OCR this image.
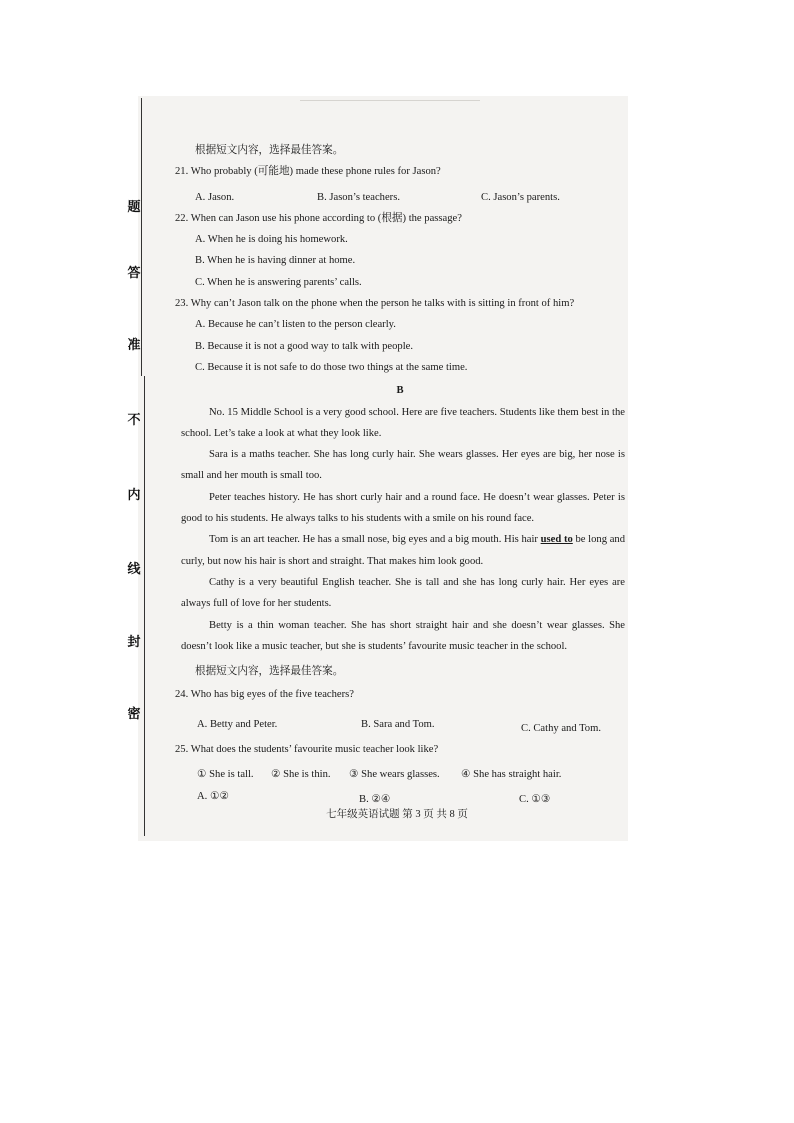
题
答
准
不
内
线
封
密
根据短文内容，选择最佳答案。
21. Who probably (可能地) made these phone rules for Jason?
A. Jason.	B. Jason’s teachers.	C. Jason’s parents.
22. When can Jason use his phone according to (根据) the passage?
A. When he is doing his homework.
B. When he is having dinner at home.
C. When he is answering parents’ calls.
23. Why can’t Jason talk on the phone when the person he talks with is sitting in front of him?
A. Because he can’t listen to the person clearly.
B. Because it is not a good way to talk with people.
C. Because it is not safe to do those two things at the same time.
B
No. 15 Middle School is a very good school. Here are five teachers. Students like them best in the school. Let’s take a look at what they look like.
Sara is a maths teacher. She has long curly hair. She wears glasses. Her eyes are big, her nose is small and her mouth is small too.
Peter teaches history. He has short curly hair and a round face. He doesn’t wear glasses. Peter is good to his students. He always talks to his students with a smile on his round face.
Tom is an art teacher. He has a small nose, big eyes and a big mouth. His hair used to be long and curly, but now his hair is short and straight. That makes him look good.
Cathy is a very beautiful English teacher. She is tall and she has long curly hair. Her eyes are always full of love for her students.
Betty is a thin woman teacher. She has short straight hair and she doesn’t wear glasses. She doesn’t look like a music teacher, but she is students’ favourite music teacher in the school.
根据短文内容，选择最佳答案。
24. Who has big eyes of the five teachers?
A. Betty and Peter.	B. Sara and Tom.	C. Cathy and Tom.
25. What does the students’ favourite music teacher look like?
① She is tall.	② She is thin.	③ She wears glasses.	④ She has straight hair.
A. ①②	B. ②④	C. ①③
七年级英语试题 第 3 页 共 8 页
